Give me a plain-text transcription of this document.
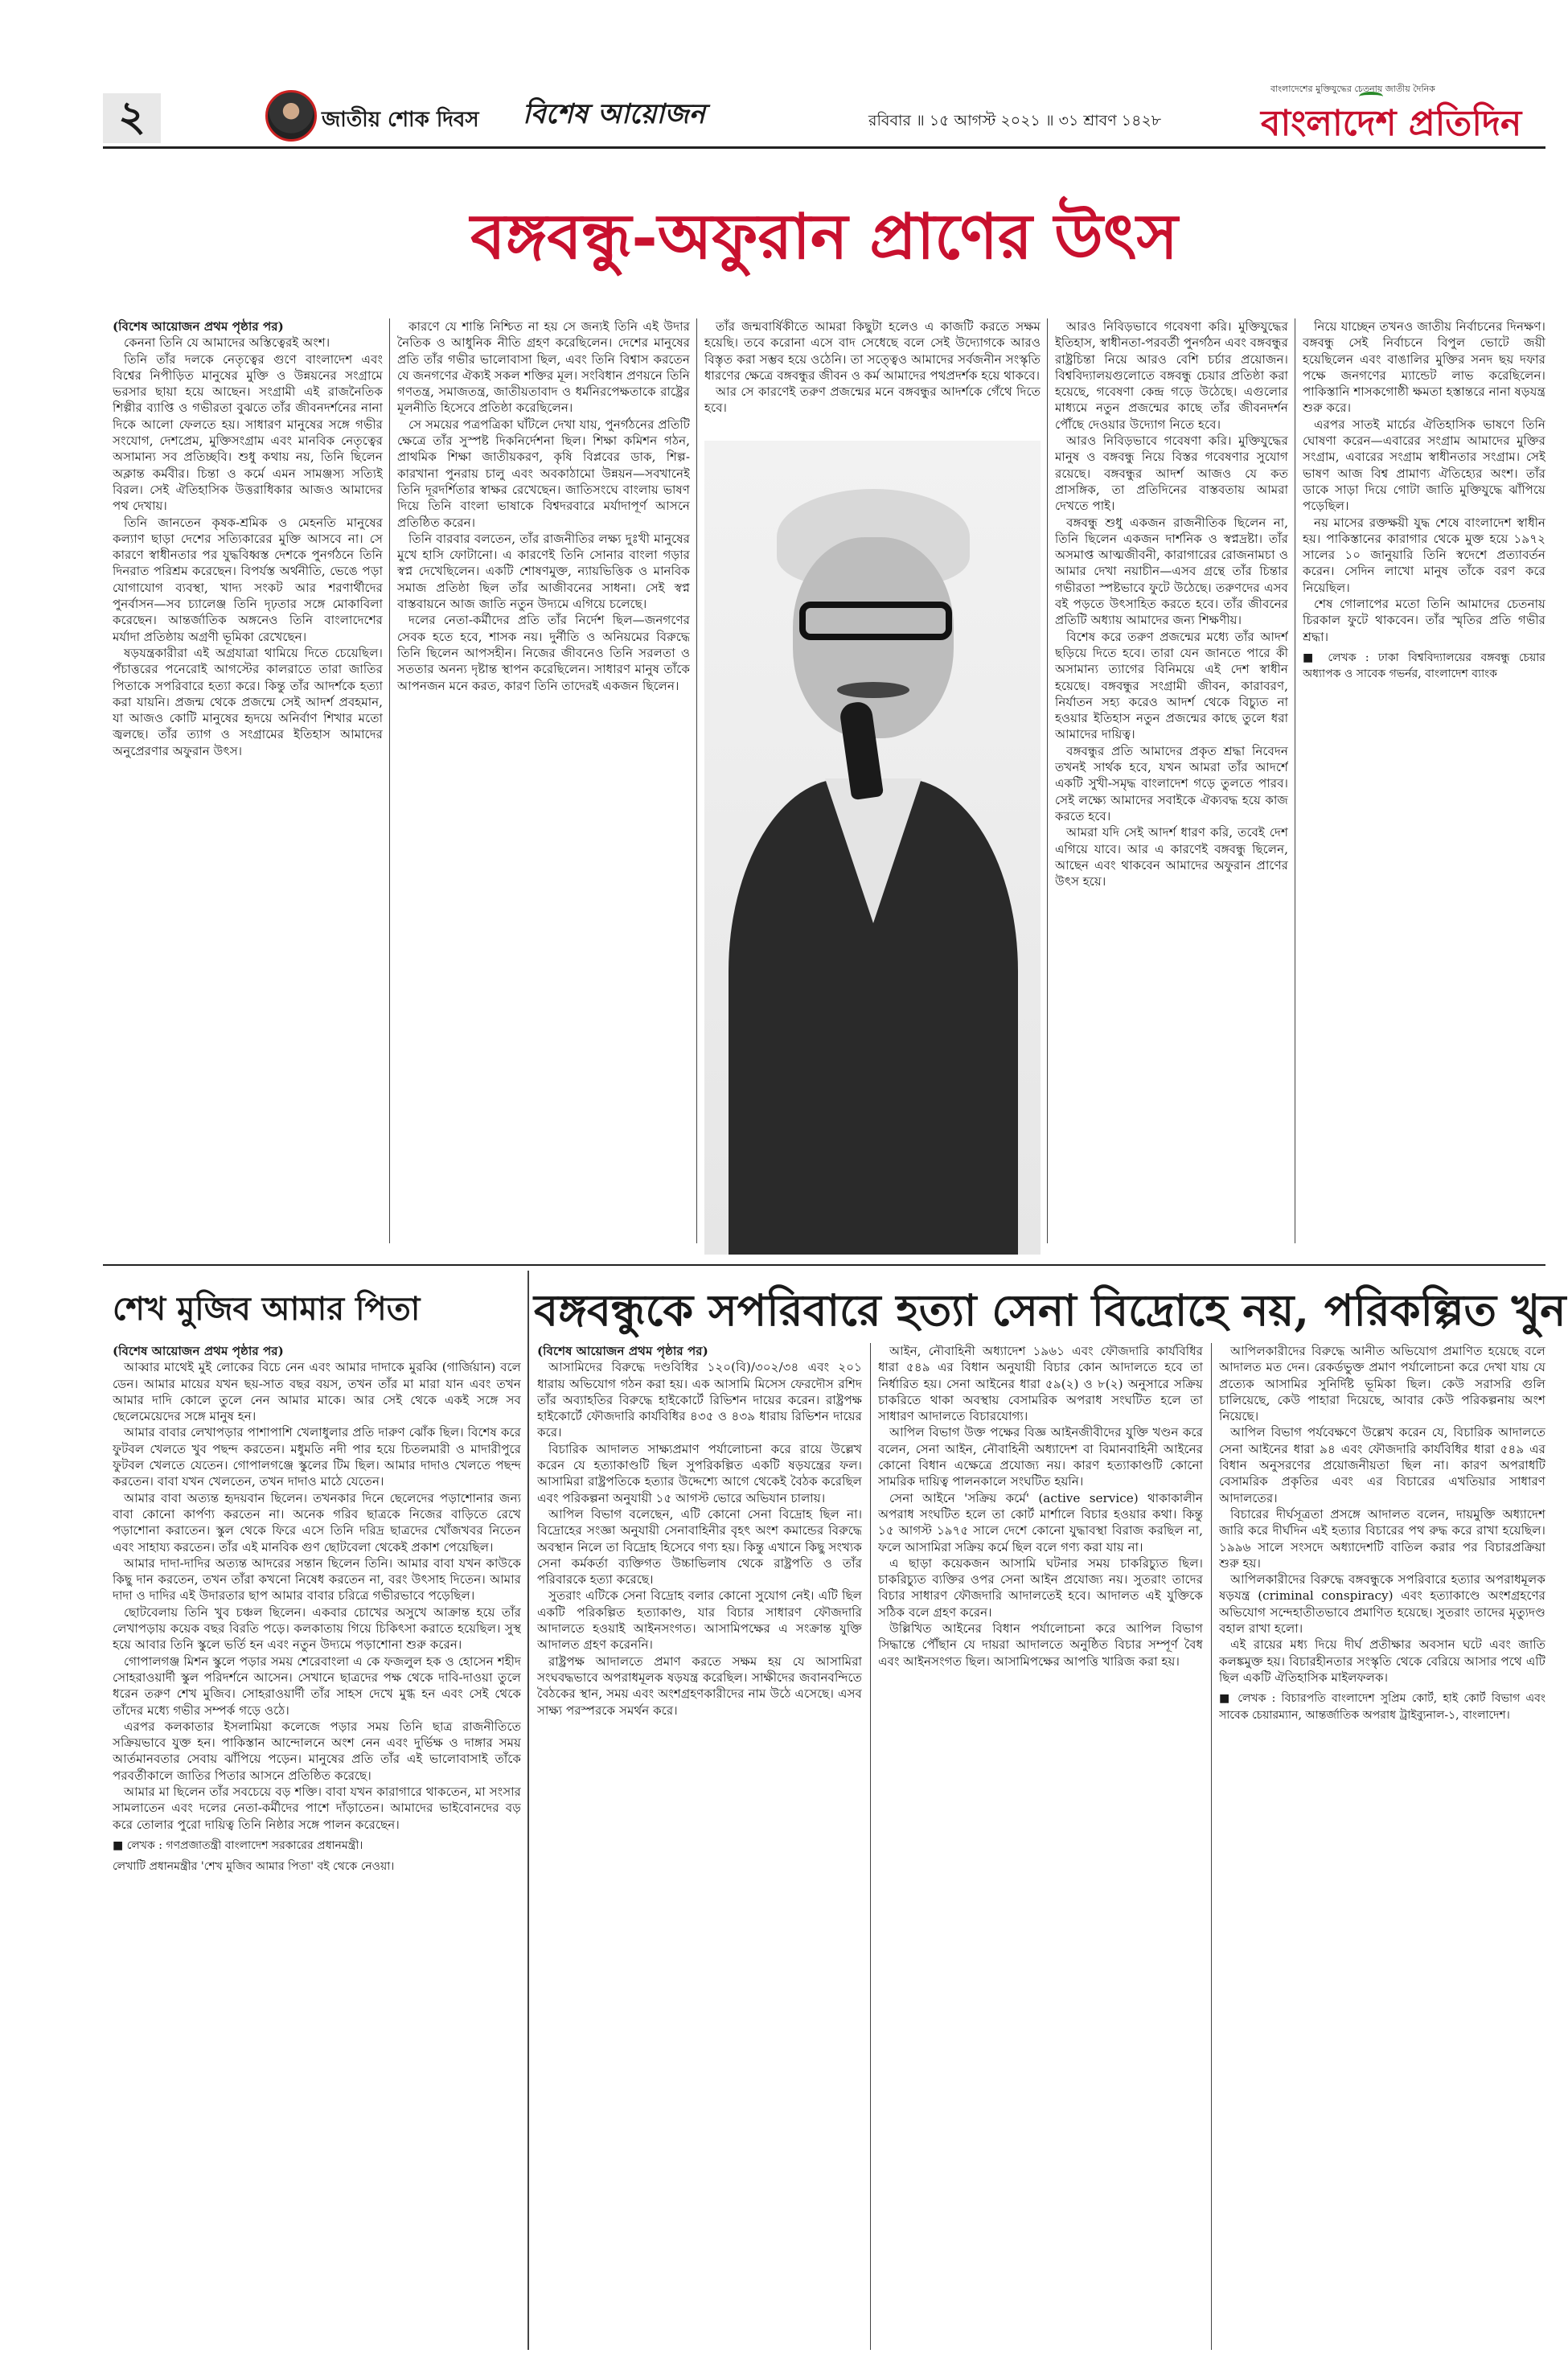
২	জাতীয় শোক দিবস বিশেষ আয়োজন	রবিবার ॥ ১৫ আগস্ট ২০২১ ॥ ৩১ শ্রাবণ ১৪২৮
বাংলাদেশের মুক্তিযুদ্ধের চেতনায় জাতীয় দৈনিক
বাংলাদেশ প্রতিদিন
বঙ্গবন্ধু-অফুরান প্রাণের উৎস

(বিশেষ আয়োজন প্রথম পৃষ্ঠার পর)

কেননা তিনি যে আমাদের অস্তিত্বেরই অংশ।

তিনি তাঁর দলকে নেতৃত্বের গুণে বাংলাদেশ এবং বিশ্বের নিপীড়িত মানুষের মুক্তি ও উন্নয়নের সংগ্রামে ভরসার ছায়া হয়ে আছেন। সংগ্রামী এই রাজনৈতিক শিল্পীর ব্যাপ্তি ও গভীরতা বুঝতে তাঁর জীবনদর্শনের নানা দিকে আলো ফেলতে হয়। সাধারণ মানুষের সঙ্গে গভীর সংযোগ, দেশপ্রেম, মুক্তিসংগ্রাম এবং মানবিক নেতৃত্বের অসামান্য সব প্রতিচ্ছবি। শুধু কথায় নয়, তিনি ছিলেন অক্লান্ত কর্মবীর। চিন্তা ও কর্মে এমন সামঞ্জস্য সত্যিই বিরল। সেই ঐতিহাসিক উত্তরাধিকার আজও আমাদের পথ দেখায়।

তিনি জানতেন কৃষক-শ্রমিক ও মেহনতি মানুষের কল্যাণ ছাড়া দেশের সত্যিকারের মুক্তি আসবে না। সে কারণে স্বাধীনতার পর যুদ্ধবিধ্বস্ত দেশকে পুনর্গঠনে তিনি দিনরাত পরিশ্রম করেছেন। বিপর্যস্ত অর্থনীতি, ভেঙে পড়া যোগাযোগ ব্যবস্থা, খাদ্য সংকট আর শরণার্থীদের পুনর্বাসন—সব চ্যালেঞ্জ তিনি দৃঢ়তার সঙ্গে মোকাবিলা করেছেন। আন্তর্জাতিক অঙ্গনেও তিনি বাংলাদেশের মর্যাদা প্রতিষ্ঠায় অগ্রণী ভূমিকা রেখেছেন।

ষড়যন্ত্রকারীরা এই অগ্রযাত্রা থামিয়ে দিতে চেয়েছিল। পঁচাত্তরের পনেরোই আগস্টের কালরাতে তারা জাতির পিতাকে সপরিবারে হত্যা করে। কিন্তু তাঁর আদর্শকে হত্যা করা যায়নি। প্রজন্ম থেকে প্রজন্মে সেই আদর্শ প্রবহমান, যা আজও কোটি মানুষের হৃদয়ে অনির্বাণ শিখার মতো জ্বলছে। তাঁর ত্যাগ ও সংগ্রামের ইতিহাস আমাদের অনুপ্রেরণার অফুরান উৎস।

কারণে যে শান্তি নিশ্চিত না হয় সে জন্যই তিনি এই উদার নৈতিক ও আধুনিক নীতি গ্রহণ করেছিলেন। দেশের মানুষের প্রতি তাঁর গভীর ভালোবাসা ছিল, এবং তিনি বিশ্বাস করতেন যে জনগণের ঐক্যই সকল শক্তির মূল। সংবিধান প্রণয়নে তিনি গণতন্ত্র, সমাজতন্ত্র, জাতীয়তাবাদ ও ধর্মনিরপেক্ষতাকে রাষ্ট্রের মূলনীতি হিসেবে প্রতিষ্ঠা করেছিলেন।

সে সময়ের পত্রপত্রিকা ঘাঁটলে দেখা যায়, পুনর্গঠনের প্রতিটি ক্ষেত্রে তাঁর সুস্পষ্ট দিকনির্দেশনা ছিল। শিক্ষা কমিশন গঠন, প্রাথমিক শিক্ষা জাতীয়করণ, কৃষি বিপ্লবের ডাক, শিল্প-কারখানা পুনরায় চালু এবং অবকাঠামো উন্নয়ন—সবখানেই তিনি দূরদর্শিতার স্বাক্ষর রেখেছেন। জাতিসংঘে বাংলায় ভাষণ দিয়ে তিনি বাংলা ভাষাকে বিশ্বদরবারে মর্যাদাপূর্ণ আসনে প্রতিষ্ঠিত করেন।

তিনি বারবার বলতেন, তাঁর রাজনীতির লক্ষ্য দুঃখী মানুষের মুখে হাসি ফোটানো। এ কারণেই তিনি সোনার বাংলা গড়ার স্বপ্ন দেখেছিলেন। একটি শোষণমুক্ত, ন্যায়ভিত্তিক ও মানবিক সমাজ প্রতিষ্ঠা ছিল তাঁর আজীবনের সাধনা। সেই স্বপ্ন বাস্তবায়নে আজ জাতি নতুন উদ্যমে এগিয়ে চলেছে।

দলের নেতা-কর্মীদের প্রতি তাঁর নির্দেশ ছিল—জনগণের সেবক হতে হবে, শাসক নয়। দুর্নীতি ও অনিয়মের বিরুদ্ধে তিনি ছিলেন আপসহীন। নিজের জীবনেও তিনি সরলতা ও সততার অনন্য দৃষ্টান্ত স্থাপন করেছিলেন। সাধারণ মানুষ তাঁকে আপনজন মনে করত, কারণ তিনি তাদেরই একজন ছিলেন।

তাঁর জন্মবার্ষিকীতে আমরা কিছুটা হলেও এ কাজটি করতে সক্ষম হয়েছি। তবে করোনা এসে বাদ সেধেছে বলে সেই উদ্যোগকে আরও বিস্তৃত করা সম্ভব হয়ে ওঠেনি। তা সত্ত্বেও আমাদের সর্বজনীন সংস্কৃতি ধারণের ক্ষেত্রে বঙ্গবন্ধুর জীবন ও কর্ম আমাদের পথপ্রদর্শক হয়ে থাকবে।

আর সে কারণেই তরুণ প্রজন্মের মনে বঙ্গবন্ধুর আদর্শকে গেঁথে দিতে হবে।

আরও নিবিড়ভাবে গবেষণা করি। মুক্তিযুদ্ধের ইতিহাস, স্বাধীনতা-পরবর্তী পুনর্গঠন এবং বঙ্গবন্ধুর রাষ্ট্রচিন্তা নিয়ে আরও বেশি চর্চার প্রয়োজন। বিশ্ববিদ্যালয়গুলোতে বঙ্গবন্ধু চেয়ার প্রতিষ্ঠা করা হয়েছে, গবেষণা কেন্দ্র গড়ে উঠেছে। এগুলোর মাধ্যমে নতুন প্রজন্মের কাছে তাঁর জীবনদর্শন পৌঁছে দেওয়ার উদ্যোগ নিতে হবে।

আরও নিবিড়ভাবে গবেষণা করি। মুক্তিযুদ্ধের মানুষ ও বঙ্গবন্ধু নিয়ে বিস্তর গবেষণার সুযোগ রয়েছে। বঙ্গবন্ধুর আদর্শ আজও যে কত প্রাসঙ্গিক, তা প্রতিদিনের বাস্তবতায় আমরা দেখতে পাই।

বঙ্গবন্ধু শুধু একজন রাজনীতিক ছিলেন না, তিনি ছিলেন একজন দার্শনিক ও স্বপ্নদ্রষ্টা। তাঁর অসমাপ্ত আত্মজীবনী, কারাগারের রোজনামচা ও আমার দেখা নয়াচীন—এসব গ্রন্থে তাঁর চিন্তার গভীরতা স্পষ্টভাবে ফুটে উঠেছে। তরুণদের এসব বই পড়তে উৎসাহিত করতে হবে। তাঁর জীবনের প্রতিটি অধ্যায় আমাদের জন্য শিক্ষণীয়।

বিশেষ করে তরুণ প্রজন্মের মধ্যে তাঁর আদর্শ ছড়িয়ে দিতে হবে। তারা যেন জানতে পারে কী অসামান্য ত্যাগের বিনিময়ে এই দেশ স্বাধীন হয়েছে। বঙ্গবন্ধুর সংগ্রামী জীবন, কারাবরণ, নির্যাতন সহ্য করেও আদর্শ থেকে বিচ্যুত না হওয়ার ইতিহাস নতুন প্রজন্মের কাছে তুলে ধরা আমাদের দায়িত্ব।

বঙ্গবন্ধুর প্রতি আমাদের প্রকৃত শ্রদ্ধা নিবেদন তখনই সার্থক হবে, যখন আমরা তাঁর আদর্শে একটি সুখী-সমৃদ্ধ বাংলাদেশ গড়ে তুলতে পারব। সেই লক্ষ্যে আমাদের সবাইকে ঐক্যবদ্ধ হয়ে কাজ করতে হবে।

আমরা যদি সেই আদর্শ ধারণ করি, তবেই দেশ এগিয়ে যাবে। আর এ কারণেই বঙ্গবন্ধু ছিলেন, আছেন এবং থাকবেন আমাদের অফুরান প্রাণের উৎস হয়ে।

নিয়ে যাচ্ছেন তখনও জাতীয় নির্বাচনের দিনক্ষণ। বঙ্গবন্ধু সেই নির্বাচনে বিপুল ভোটে জয়ী হয়েছিলেন এবং বাঙালির মুক্তির সনদ ছয় দফার পক্ষে জনগণের ম্যান্ডেট লাভ করেছিলেন। পাকিস্তানি শাসকগোষ্ঠী ক্ষমতা হস্তান্তরে নানা ষড়যন্ত্র শুরু করে।

এরপর সাতই মার্চের ঐতিহাসিক ভাষণে তিনি ঘোষণা করেন—এবারের সংগ্রাম আমাদের মুক্তির সংগ্রাম, এবারের সংগ্রাম স্বাধীনতার সংগ্রাম। সেই ভাষণ আজ বিশ্ব প্রামাণ্য ঐতিহ্যের অংশ। তাঁর ডাকে সাড়া দিয়ে গোটা জাতি মুক্তিযুদ্ধে ঝাঁপিয়ে পড়েছিল।

নয় মাসের রক্তক্ষয়ী যুদ্ধ শেষে বাংলাদেশ স্বাধীন হয়। পাকিস্তানের কারাগার থেকে মুক্ত হয়ে ১৯৭২ সালের ১০ জানুয়ারি তিনি স্বদেশে প্রত্যাবর্তন করেন। সেদিন লাখো মানুষ তাঁকে বরণ করে নিয়েছিল।

শেষ গোলাপের মতো তিনি আমাদের চেতনায় চিরকাল ফুটে থাকবেন। তাঁর স্মৃতির প্রতি গভীর শ্রদ্ধা।

■ লেখক : ঢাকা বিশ্ববিদ্যালয়ের বঙ্গবন্ধু চেয়ার অধ্যাপক ও সাবেক গভর্নর, বাংলাদেশ ব্যাংক

শেখ মুজিব আমার পিতা

(বিশেষ আয়োজন প্রথম পৃষ্ঠার পর)

আব্বার মাথেই মুই লোকের বিচে নেন এবং আমার দাদাকে মুরব্বি (গার্জিয়ান) বলে ডেন। আমার মায়ের যখন ছয়-সাত বছর বয়স, তখন তাঁর মা মারা যান এবং তখন আমার দাদি কোলে তুলে নেন আমার মাকে। আর সেই থেকে একই সঙ্গে সব ছেলেমেয়েদের সঙ্গে মানুষ হন।

আমার বাবার লেখাপড়ার পাশাপাশি খেলাধুলার প্রতি দারুণ ঝোঁক ছিল। বিশেষ করে ফুটবল খেলতে খুব পছন্দ করতেন। মধুমতি নদী পার হয়ে চিতলমারী ও মাদারীপুরে ফুটবল খেলতে যেতেন। গোপালগঞ্জে স্কুলের টিম ছিল। আমার দাদাও খেলতে পছন্দ করতেন। বাবা যখন খেলতেন, তখন দাদাও মাঠে যেতেন।

আমার বাবা অত্যন্ত হৃদয়বান ছিলেন। তখনকার দিনে ছেলেদের পড়াশোনার জন্য বাবা কোনো কার্পণ্য করতেন না। অনেক গরিব ছাত্রকে নিজের বাড়িতে রেখে পড়াশোনা করাতেন। স্কুল থেকে ফিরে এসে তিনি দরিদ্র ছাত্রদের খোঁজখবর নিতেন এবং সাহায্য করতেন। তাঁর এই মানবিক গুণ ছোটবেলা থেকেই প্রকাশ পেয়েছিল।

আমার দাদা-দাদির অত্যন্ত আদরের সন্তান ছিলেন তিনি। আমার বাবা যখন কাউকে কিছু দান করতেন, তখন তাঁরা কখনো নিষেধ করতেন না, বরং উৎসাহ দিতেন। আমার দাদা ও দাদির এই উদারতার ছাপ আমার বাবার চরিত্রে গভীরভাবে পড়েছিল।

ছোটবেলায় তিনি খুব চঞ্চল ছিলেন। একবার চোখের অসুখে আক্রান্ত হয়ে তাঁর লেখাপড়ায় কয়েক বছর বিরতি পড়ে। কলকাতায় গিয়ে চিকিৎসা করাতে হয়েছিল। সুস্থ হয়ে আবার তিনি স্কুলে ভর্তি হন এবং নতুন উদ্যমে পড়াশোনা শুরু করেন।

গোপালগঞ্জ মিশন স্কুলে পড়ার সময় শেরেবাংলা এ কে ফজলুল হক ও হোসেন শহীদ সোহরাওয়ার্দী স্কুল পরিদর্শনে আসেন। সেখানে ছাত্রদের পক্ষ থেকে দাবি-দাওয়া তুলে ধরেন তরুণ শেখ মুজিব। সোহরাওয়ার্দী তাঁর সাহস দেখে মুগ্ধ হন এবং সেই থেকে তাঁদের মধ্যে গভীর সম্পর্ক গড়ে ওঠে।

এরপর কলকাতার ইসলামিয়া কলেজে পড়ার সময় তিনি ছাত্র রাজনীতিতে সক্রিয়ভাবে যুক্ত হন। পাকিস্তান আন্দোলনে অংশ নেন এবং দুর্ভিক্ষ ও দাঙ্গার সময় আর্তমানবতার সেবায় ঝাঁপিয়ে পড়েন। মানুষের প্রতি তাঁর এই ভালোবাসাই তাঁকে পরবর্তীকালে জাতির পিতার আসনে প্রতিষ্ঠিত করেছে।

আমার মা ছিলেন তাঁর সবচেয়ে বড় শক্তি। বাবা যখন কারাগারে থাকতেন, মা সংসার সামলাতেন এবং দলের নেতা-কর্মীদের পাশে দাঁড়াতেন। আমাদের ভাইবোনদের বড় করে তোলার পুরো দায়িত্ব তিনি নিষ্ঠার সঙ্গে পালন করেছেন।

■ লেখক : গণপ্রজাতন্ত্রী বাংলাদেশ সরকারের প্রধানমন্ত্রী।

লেখাটি প্রধানমন্ত্রীর 'শেখ মুজিব আমার পিতা' বই থেকে নেওয়া।

বঙ্গবন্ধুকে সপরিবারে হত্যা সেনা বিদ্রোহে নয়, পরিকল্পিত খুন

(বিশেষ আয়োজন প্রথম পৃষ্ঠার পর)

আসামিদের বিরুদ্ধে দণ্ডবিধির ১২০(বি)/৩০২/৩৪ এবং ২০১ ধারায় অভিযোগ গঠন করা হয়। এক আসামি মিসেস ফেরদৌস রশিদ তাঁর অব্যাহতির বিরুদ্ধে হাইকোর্টে রিভিশন দায়ের করেন। রাষ্ট্রপক্ষ হাইকোর্টে ফৌজদারি কার্যবিধির ৪৩৫ ও ৪৩৯ ধারায় রিভিশন দায়ের করে।

বিচারিক আদালত সাক্ষ্যপ্রমাণ পর্যালোচনা করে রায়ে উল্লেখ করেন যে হত্যাকাণ্ডটি ছিল সুপরিকল্পিত একটি ষড়যন্ত্রের ফল। আসামিরা রাষ্ট্রপতিকে হত্যার উদ্দেশ্যে আগে থেকেই বৈঠক করেছিল এবং পরিকল্পনা অনুযায়ী ১৫ আগস্ট ভোরে অভিযান চালায়।

আপিল বিভাগ বলেছেন, এটি কোনো সেনা বিদ্রোহ ছিল না। বিদ্রোহের সংজ্ঞা অনুযায়ী সেনাবাহিনীর বৃহৎ অংশ কমান্ডের বিরুদ্ধে অবস্থান নিলে তা বিদ্রোহ হিসেবে গণ্য হয়। কিন্তু এখানে কিছু সংখ্যক সেনা কর্মকর্তা ব্যক্তিগত উচ্চাভিলাষ থেকে রাষ্ট্রপতি ও তাঁর পরিবারকে হত্যা করেছে।

সুতরাং এটিকে সেনা বিদ্রোহ বলার কোনো সুযোগ নেই। এটি ছিল একটি পরিকল্পিত হত্যাকাণ্ড, যার বিচার সাধারণ ফৌজদারি আদালতে হওয়াই আইনসংগত। আসামিপক্ষের এ সংক্রান্ত যুক্তি আদালত গ্রহণ করেননি।

রাষ্ট্রপক্ষ আদালতে প্রমাণ করতে সক্ষম হয় যে আসামিরা সংঘবদ্ধভাবে অপরাধমূলক ষড়যন্ত্র করেছিল। সাক্ষীদের জবানবন্দিতে বৈঠকের স্থান, সময় এবং অংশগ্রহণকারীদের নাম উঠে এসেছে। এসব সাক্ষ্য পরস্পরকে সমর্থন করে।

আইন, নৌবাহিনী অধ্যাদেশ ১৯৬১ এবং ফৌজদারি কার্যবিধির ধারা ৫৪৯ এর বিধান অনুযায়ী বিচার কোন আদালতে হবে তা নির্ধারিত হয়। সেনা আইনের ধারা ৫৯(২) ও ৮(২) অনুসারে সক্রিয় চাকরিতে থাকা অবস্থায় বেসামরিক অপরাধ সংঘটিত হলে তা সাধারণ আদালতে বিচারযোগ্য।

আপিল বিভাগ উক্ত পক্ষের বিজ্ঞ আইনজীবীদের যুক্তি খণ্ডন করে বলেন, সেনা আইন, নৌবাহিনী অধ্যাদেশ বা বিমানবাহিনী আইনের কোনো বিধান এক্ষেত্রে প্রযোজ্য নয়। কারণ হত্যাকাণ্ডটি কোনো সামরিক দায়িত্ব পালনকালে সংঘটিত হয়নি।

সেনা আইনে 'সক্রিয় কর্মে' (active service) থাকাকালীন অপরাধ সংঘটিত হলে তা কোর্ট মার্শালে বিচার হওয়ার কথা। কিন্তু ১৫ আগস্ট ১৯৭৫ সালে দেশে কোনো যুদ্ধাবস্থা বিরাজ করছিল না, ফলে আসামিরা সক্রিয় কর্মে ছিল বলে গণ্য করা যায় না।

এ ছাড়া কয়েকজন আসামি ঘটনার সময় চাকরিচ্যুত ছিল। চাকরিচ্যুত ব্যক্তির ওপর সেনা আইন প্রযোজ্য নয়। সুতরাং তাদের বিচার সাধারণ ফৌজদারি আদালতেই হবে। আদালত এই যুক্তিকে সঠিক বলে গ্রহণ করেন।

উল্লিখিত আইনের বিধান পর্যালোচনা করে আপিল বিভাগ সিদ্ধান্তে পৌঁছান যে দায়রা আদালতে অনুষ্ঠিত বিচার সম্পূর্ণ বৈধ এবং আইনসংগত ছিল। আসামিপক্ষের আপত্তি খারিজ করা হয়।

আপিলকারীদের বিরুদ্ধে আনীত অভিযোগ প্রমাণিত হয়েছে বলে আদালত মত দেন। রেকর্ডভুক্ত প্রমাণ পর্যালোচনা করে দেখা যায় যে প্রত্যেক আসামির সুনির্দিষ্ট ভূমিকা ছিল। কেউ সরাসরি গুলি চালিয়েছে, কেউ পাহারা দিয়েছে, আবার কেউ পরিকল্পনায় অংশ নিয়েছে।

আপিল বিভাগ পর্যবেক্ষণে উল্লেখ করেন যে, বিচারিক আদালতে সেনা আইনের ধারা ৯৪ এবং ফৌজদারি কার্যবিধির ধারা ৫৪৯ এর বিধান অনুসরণের প্রয়োজনীয়তা ছিল না। কারণ অপরাধটি বেসামরিক প্রকৃতির এবং এর বিচারের এখতিয়ার সাধারণ আদালতের।

বিচারের দীর্ঘসূত্রতা প্রসঙ্গে আদালত বলেন, দায়মুক্তি অধ্যাদেশ জারি করে দীর্ঘদিন এই হত্যার বিচারের পথ রুদ্ধ করে রাখা হয়েছিল। ১৯৯৬ সালে সংসদে অধ্যাদেশটি বাতিল করার পর বিচারপ্রক্রিয়া শুরু হয়।

আপিলকারীদের বিরুদ্ধে বঙ্গবন্ধুকে সপরিবারে হত্যার অপরাধমূলক ষড়যন্ত্র (criminal conspiracy) এবং হত্যাকাণ্ডে অংশগ্রহণের অভিযোগ সন্দেহাতীতভাবে প্রমাণিত হয়েছে। সুতরাং তাদের মৃত্যুদণ্ড বহাল রাখা হলো।

এই রায়ের মধ্য দিয়ে দীর্ঘ প্রতীক্ষার অবসান ঘটে এবং জাতি কলঙ্কমুক্ত হয়। বিচারহীনতার সংস্কৃতি থেকে বেরিয়ে আসার পথে এটি ছিল একটি ঐতিহাসিক মাইলফলক।

■ লেখক : বিচারপতি বাংলাদেশ সুপ্রিম কোর্ট, হাই কোর্ট বিভাগ এবং সাবেক চেয়ারম্যান, আন্তর্জাতিক অপরাধ ট্রাইব্যুনাল-১, বাংলাদেশ।
